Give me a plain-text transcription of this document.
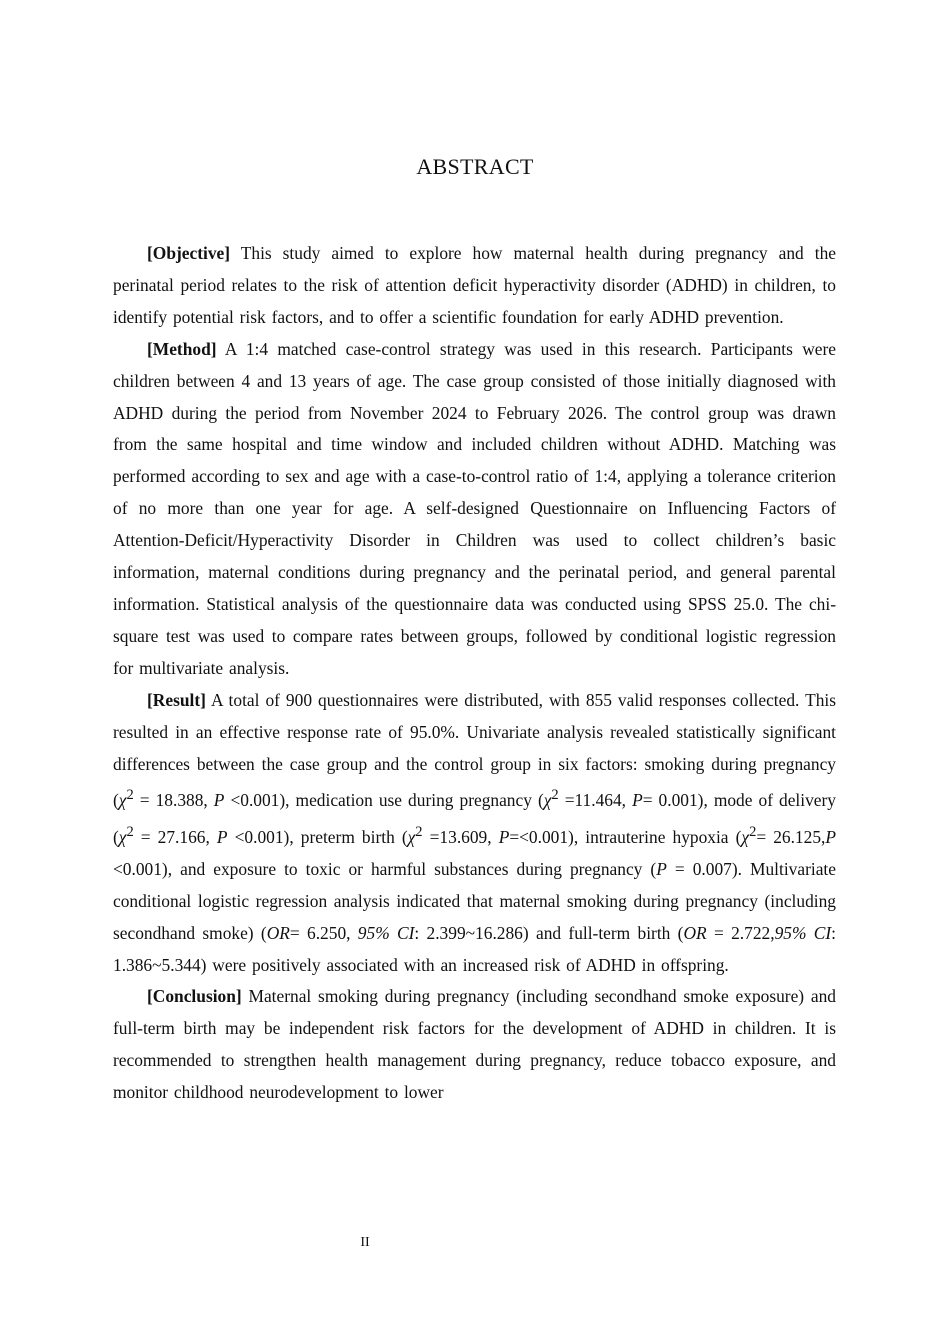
ABSTRACT

[Objective] This study aimed to explore how maternal health during pregnancy and the perinatal period relates to the risk of attention deficit hyperactivity disorder (ADHD) in children, to identify potential risk factors, and to offer a scientific foundation for early ADHD prevention.

[Method] A 1:4 matched case-control strategy was used in this research. Participants were children between 4 and 13 years of age. The case group consisted of those initially diagnosed with ADHD during the period from November 2024 to February 2026. The control group was drawn from the same hospital and time window and included children without ADHD. Matching was performed according to sex and age with a case-to-control ratio of 1:4, applying a tolerance criterion of no more than one year for age. A self-designed Questionnaire on Influencing Factors of Attention-Deficit/Hyperactivity Disorder in Children was used to collect children’s basic information, maternal conditions during pregnancy and the perinatal period, and general parental information. Statistical analysis of the questionnaire data was conducted using SPSS 25.0. The chi-square test was used to compare rates between groups, followed by conditional logistic regression for multivariate analysis.

[Result] A total of 900 questionnaires were distributed, with 855 valid responses collected. This resulted in an effective response rate of 95.0%. Univariate analysis revealed statistically significant differences between the case group and the control group in six factors: smoking during pregnancy ($\chi^2 = 18.388$, P <0.001), medication use during pregnancy ($\chi^2 =11.464$, P= 0.001), mode of delivery ($\chi^2 = 27.166$, P <0.001), preterm birth ($\chi^2 =13.609$, P=<0.001), intrauterine hypoxia $(\chi^2= 26.125,P <0.001)$, and exposure to toxic or harmful substances during pregnancy (P = 0.007). Multivariate conditional logistic regression analysis indicated that maternal smoking during pregnancy (including secondhand smoke) (OR= 6.250, 95% CI: 2.399~16.286) and full-term birth (OR = 2.722,95% CI: 1.386~5.344) were positively associated with an increased risk of ADHD in offspring.

[Conclusion] Maternal smoking during pregnancy (including secondhand smoke exposure) and full-term birth may be independent risk factors for the development of ADHD in children. It is recommended to strengthen health management during pregnancy, reduce tobacco exposure, and monitor childhood neurodevelopment to lower

II
